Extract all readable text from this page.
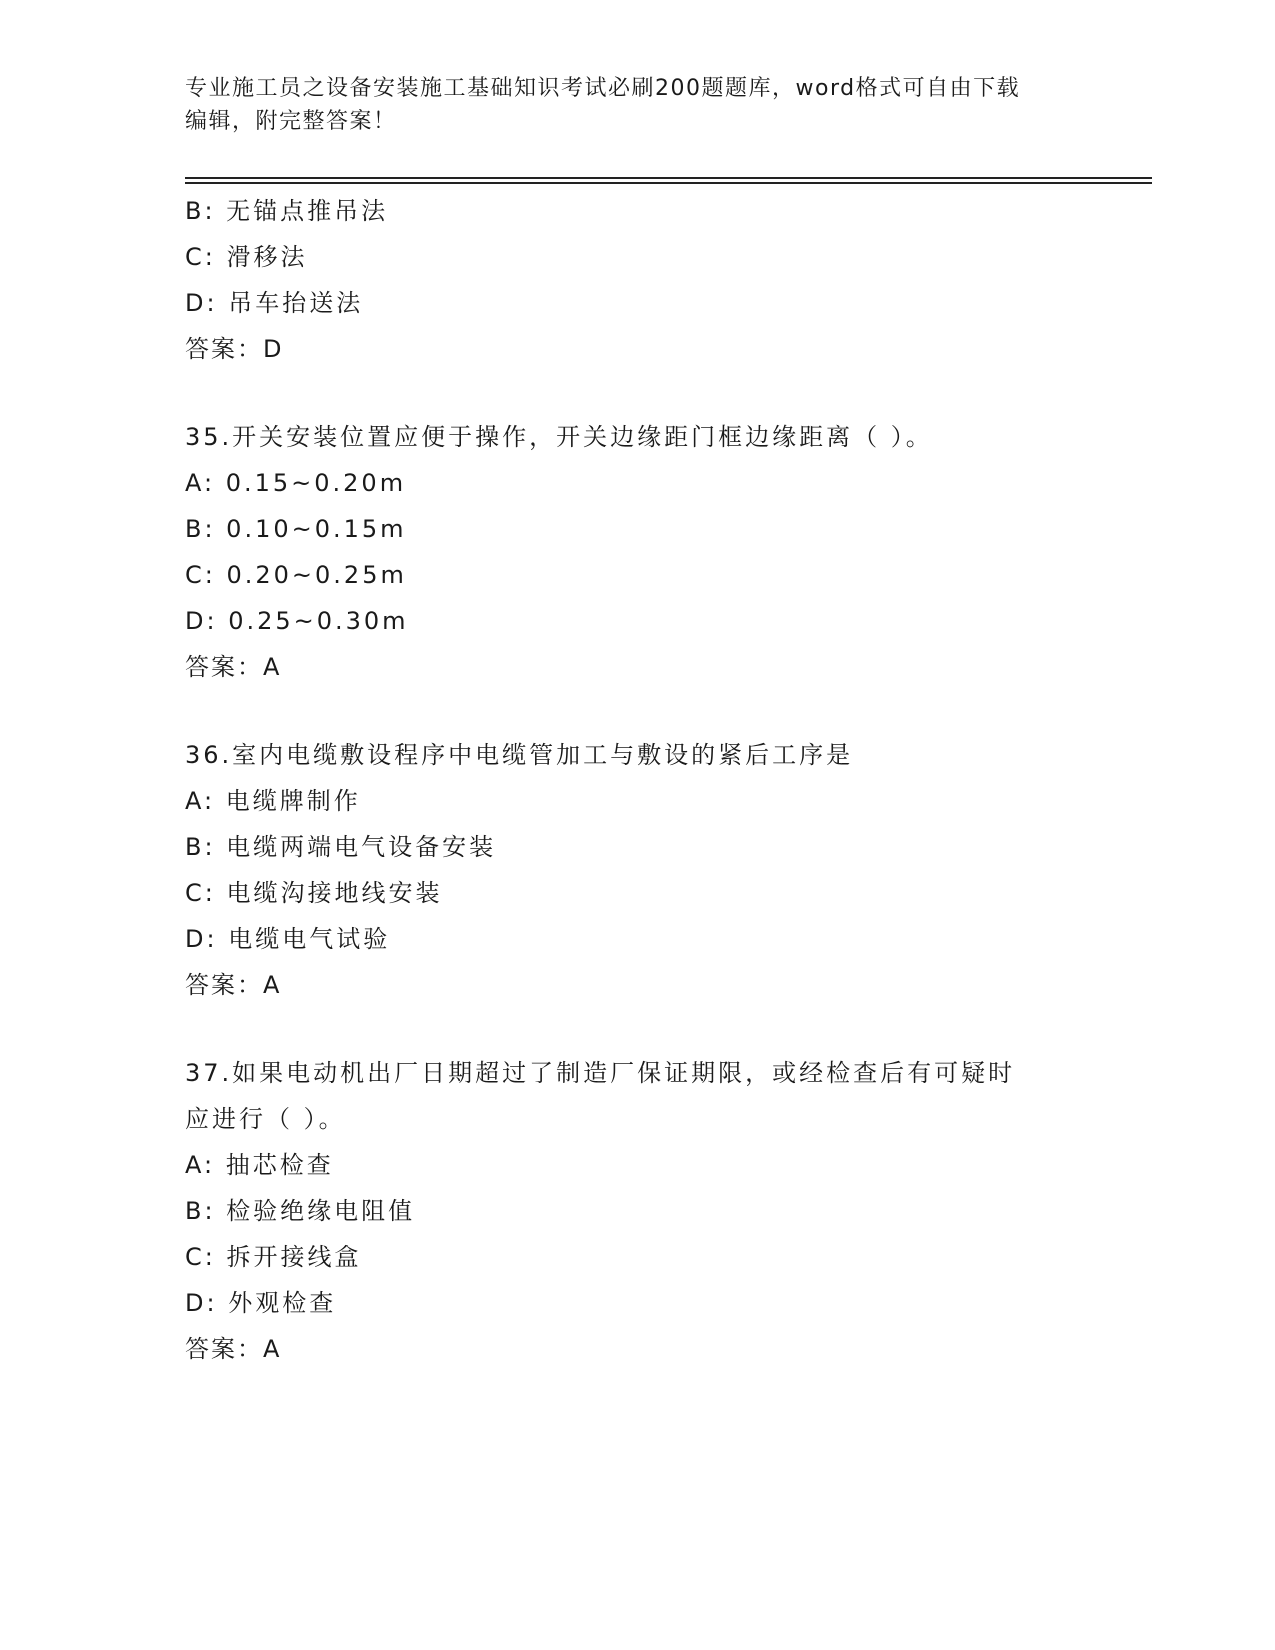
专业施工员之设备安装施工基础知识考试必刷200题题库，word格式可自由下载
编辑，附完整答案！
B: 无锚点推吊法
C: 滑移法
D: 吊车抬送法
答案：D
35.开关安装位置应便于操作，开关边缘距门框边缘距离（ ）。
A: 0.15~0.20m
B: 0.10~0.15m
C: 0.20~0.25m
D: 0.25~0.30m
答案：A
36.室内电缆敷设程序中电缆管加工与敷设的紧后工序是
A: 电缆牌制作
B: 电缆两端电气设备安装
C: 电缆沟接地线安装
D: 电缆电气试验
答案：A
37.如果电动机出厂日期超过了制造厂保证期限，或经检查后有可疑时
应进行（ ）。
A: 抽芯检查
B: 检验绝缘电阻值
C: 拆开接线盒
D: 外观检查
答案：A
